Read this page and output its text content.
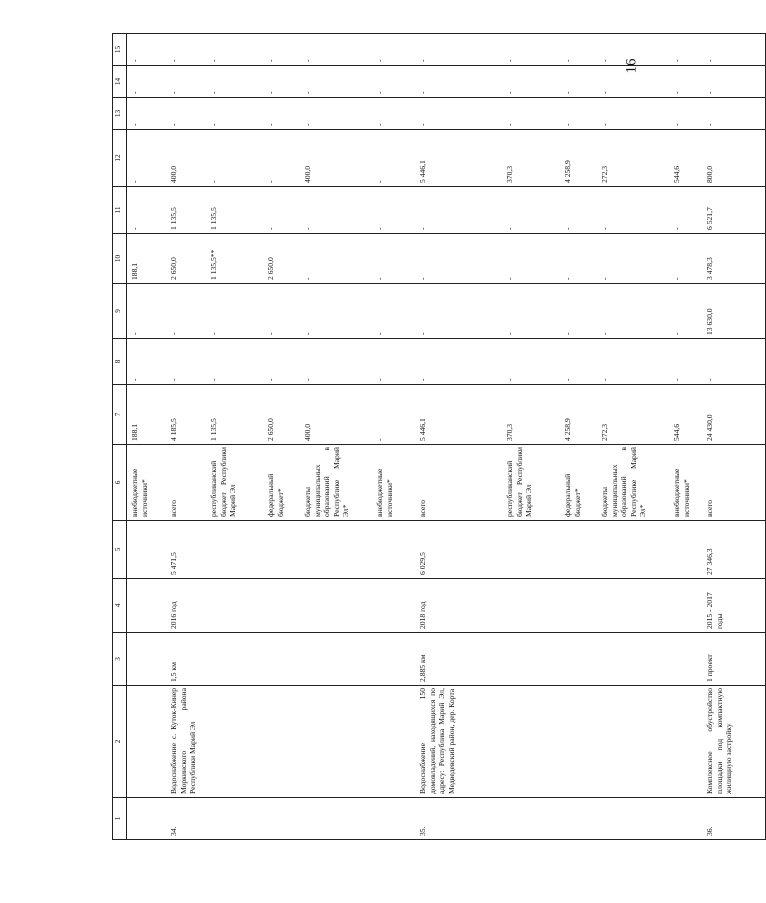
16
1	2	3	4	5	6	7	8	9	10	11	12	13	14	15
					внебюджетные источники*	188,1	-	-	188,1	-	-	-	-	-
34.	Водоснабжение с. Куток-Кинер Моркинского района Республики Марий Эл	1,5 км	2016 год	5 471,5	всего	4 185,5	-	-	2 650,0	1 135,5	400,0	-	-	-
					республиканский бюджет Республики Марий Эл	1 135,5	-	-	1 135,5**	1 135,5	-	-	-	-
					федеральный бюджет*	2 650,0	-	-	2 650,0	-	-	-	-	-
					бюджеты муниципальных образований в Республике Марий Эл*	400,0	-	-	-	-	400,0	-	-	-
					внебюджетные источники*	-	-	-	-	-	-	-	-	-
35.	Водоснабжение 150 домовладений, находящихся по адресу: Республика Марий Эл, Медведевский район, дер. Корта	2,885 км	2018 год	6 029,5	всего	5 446,1	-	-	-	-	5 446,1	-	-	-
					республиканский бюджет Республики Марий Эл	370,3	-	-	-	-	370,3	-	-	-
					федеральный бюджет*	4 258,9	-	-	-	-	4 258,9	-	-	-
					бюджеты муниципальных образований в Республике Марий Эл*	272,3	-	-	-	-	272,3	-	-	-
					внебюджетные источники*	544,6	-	-	-	-	544,6	-	-	-
36.	Комплексное обустройство площадки под компактную жилищную застройку	1 проект	2015 - 2017 годы	27 346,3	всего	24 430,0	-	13 630,0	3 478,3	6 521,7	800,0	-	-	-
